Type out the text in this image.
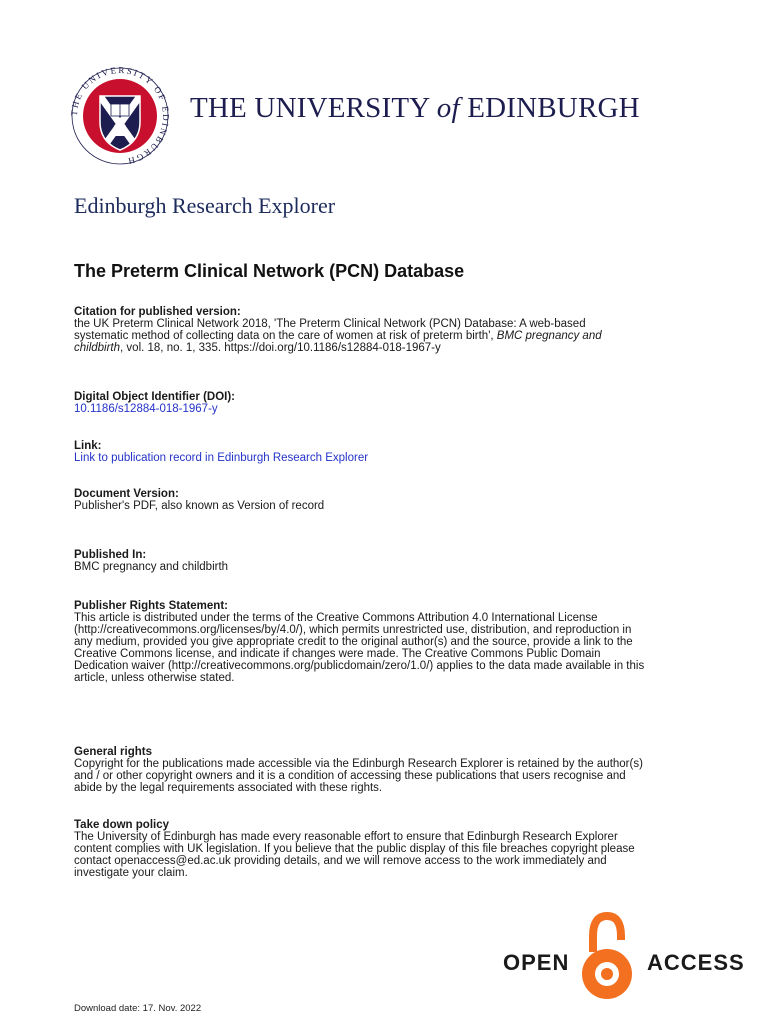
HE UNIVERSITY OF E INBURGH
THE UNIVERSITY of EDINBURGH
Edinburgh Research Explorer
The Preterm Clinical Network (PCN) Database
Citation for published version:
the UK Preterm Clinical Network 2018, 'The Preterm Clinical Network (PCN) Database: A web-based
systematic method of collecting data on the care of women at risk of preterm birth', BMC pregnancy and
childbirth, vol. 18, no. 1, 335. https://doi.org/10.1186/s12884-018-1967-y
Digital Object Identifier (DOI):
10.1186/s12884-018-1967-y
Link:
Link to publication record in Edinburgh Research Explorer
Document Version:
Publisher's PDF, also known as Version of record
Published In:
BMC pregnancy and childbirth
Publisher Rights Statement:
This article is distributed under the terms of the Creative Commons Attribution 4.0 International License
(http://creativecommons.org/licenses/by/4.0/), which permits unrestricted use, distribution, and reproduction in
any medium, provided you give appropriate credit to the original author(s) and the source, provide a link to the
Creative Commons license, and indicate if changes were made. The Creative Commons Public Domain
Dedication waiver (http://creativecommons.org/publicdomain/zero/1.0/) applies to the data made available in this
article, unless otherwise stated.
General rights
Copyright for the publications made accessible via the Edinburgh Research Explorer is retained by the author(s)
and / or other copyright owners and it is a condition of accessing these publications that users recognise and
abide by the legal requirements associated with these rights.
Take down policy
The University of Edinburgh has made every reasonable effort to ensure that Edinburgh Research Explorer
content complies with UK legislation. If you believe that the public display of this file breaches copyright please
contact openaccess@ed.ac.uk providing details, and we will remove access to the work immediately and
investigate your claim.
OPEN	ACCESS
Download date: 17. Nov. 2022
